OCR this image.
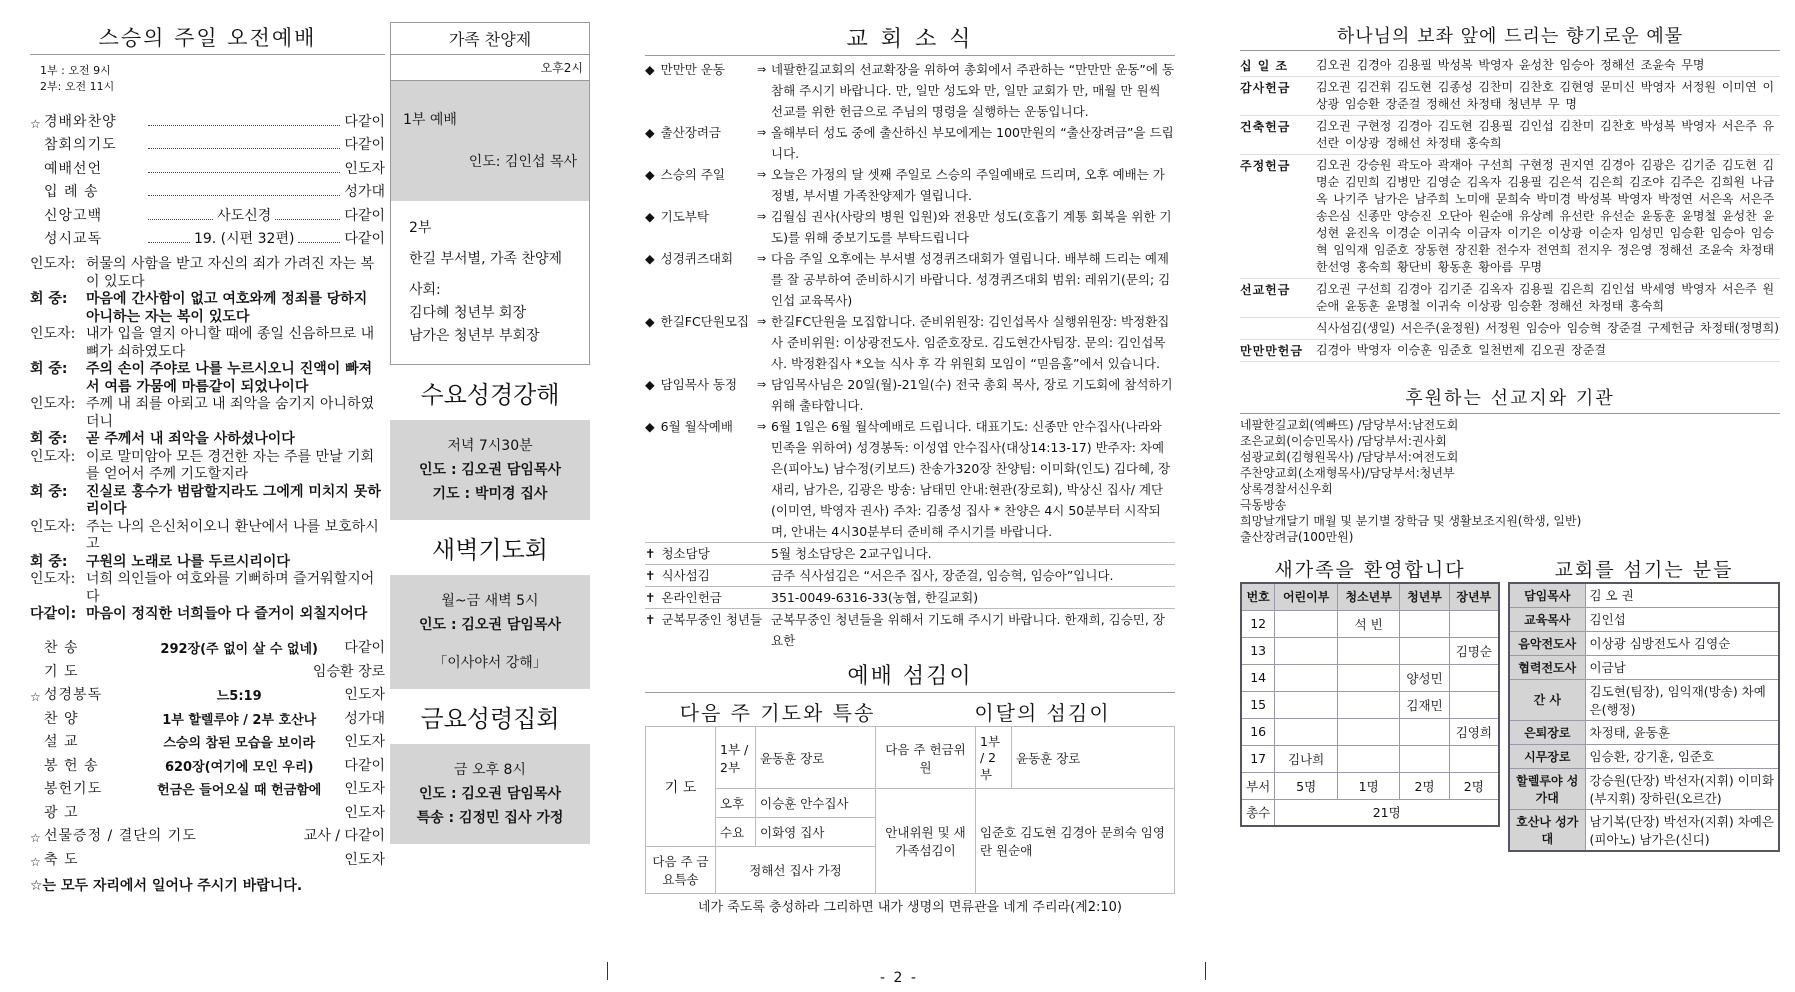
스승의 주일 오전예배
1부 : 오전 9시
2부: 오전 11시
☆ 경배와찬양	다같이
참회의기도	다같이
예배선언	인도자
입 례 송	성가대
신앙고백	사도신경	다같이
성시교독	19. (시편 32편)	다같이
인도자: 허물의 사함을 받고 자신의 죄가 가려진 자는 복이 있도다
회 중:	마음에 간사함이 없고 여호와께 정죄를 당하지 아니하는 자는 복이 있도다
인도자: 내가 입을 열지 아니할 때에 종일 신음하므로 내 뼈가 쇠하였도다
회 중:	주의 손이 주야로 나를 누르시오니 진액이 빠져서 여름 가뭄에 마름같이 되었나이다
인도자: 주께 내 죄를 아뢰고 내 죄악을 숨기지 아니하였더니
회 중:	곧 주께서 내 죄악을 사하셨나이다
인도자: 이로 말미암아 모든 경건한 자는 주를 만날 기회를 얻어서 주께 기도할지라
회 중:	진실로 홍수가 범람할지라도 그에게 미치지 못하리이다
인도자: 주는 나의 은신처이오니 환난에서 나를 보호하시고
회 중:	구원의 노래로 나를 두르시리이다
인도자: 너희 의인들아 여호와를 기뻐하며 즐거워할지어다
다같이: 마음이 정직한 너희들아 다 즐거이 외칠지어다
찬 송	292장(주 없이 살 수 없네)	다같이
기 도	임승환 장로
☆ 성경봉독	느5:19	인도자
찬 양	1부 할렐루야 / 2부 호산나	성가대
설 교	스승의 참된 모습을 보이라	인도자
봉 헌 송	620장(여기에 모인 우리)	다같이
봉헌기도	헌금은 들어오실 때 헌금함에	인도자
광 고	인도자
☆ 선물증정 / 결단의 기도	교사 / 다같이
☆ 축 도	인도자
☆는 모두 자리에서 일어나 주시기 바랍니다.
가족 찬양제
오후2시
1부 예배
인도: 김인섭 목사
2부
한길 부서별, 가족 찬양제
사회:
김다혜 청년부 회장
남가은 청년부 부회장
수요성경강해
저녁 7시30분
인도 : 김오권 담임목사
기도 : 박미경 집사
새벽기도회
월~금 새벽 5시
인도 : 김오권 담임목사
「이사야서 강해」
금요성령집회
금 오후 8시
인도 : 김오권 담임목사
특송 : 김정민 집사 가정
교 회 소 식
◆ 만만만 운동	⇒ 네팔한길교회의 선교확장을 위하여 총회에서 주관하는 “만만만 운동”에 동참해 주시기 바랍니다. 만, 일만 성도와 만, 일만 교회가 만, 매월 만 원씩 선교를 위한 헌금으로 주님의 명령을 실행하는 운동입니다.
◆ 출산장려금	⇒ 올해부터 성도 중에 출산하신 부모에게는 100만원의 “출산장려금”을 드립니다.
◆ 스승의 주일	⇒ 오늘은 가정의 달 셋째 주일로 스승의 주일예배로 드리며, 오후 예배는 가정별, 부서별 가족찬양제가 열립니다.
◆ 기도부탁	⇒ 김월심 권사(사랑의 병원 입원)와 전용만 성도(호흡기 계통 회복을 위한 기도)를 위해 중보기도를 부탁드립니다
◆ 성경퀴즈대회	⇒ 다음 주일 오후에는 부서별 성경퀴즈대회가 열립니다. 배부해 드리는 예제를 잘 공부하여 준비하시기 바랍니다. 성경퀴즈대회 범위: 레위기(문의; 김인섭 교육목사)
◆ 한길FC단원모집 ⇒ 한길FC단원을 모집합니다. 준비위원장: 김인섭목사 실행위원장: 박정환집사 준비위원: 이상광전도사. 임준호장로. 김도현간사팀장. 문의: 김인섭목사. 박정환집사 *오늘 식사 후 각 위원회 모임이 “믿음홀”에서 있습니다.
◆ 담임목사 동정	⇒ 담임목사님은 20일(월)-21일(수) 전국 총회 목사, 장로 기도회에 참석하기 위해 출타합니다.
◆ 6월 월삭예배	⇒ 6월 1일은 6월 월삭예배로 드립니다. 대표기도: 신종만 안수집사(나라와 민족을 위하여) 성경봉독: 이성엽 안수집사(대상14:13-17) 반주자: 차예은(피아노) 남수정(키보드) 찬송가320장 찬양팀: 이미화(인도) 김다혜, 장새리, 남가은, 김광은 방송: 남태민 안내:현관(장로회), 박상신 집사/ 계단(이미연, 박영자 권사) 주차: 김종성 집사 * 찬양은 4시 50분부터 시작되며, 안내는 4시30분부터 준비해 주시기를 바랍니다.
✝ 청소담당	5월 청소담당은 2교구입니다.
✝ 식사섬김	금주 식사섬김은 “서은주 집사, 장준걸, 임승혁, 임승아”입니다.
✝ 온라인헌금	351-0049-6316-33(농협, 한길교회)
✝ 군복무중인 청년들 군복무중인 청년들을 위해서 기도해 주시기 바랍니다. 한재희, 김승민, 장요한
예배 섬김이
다음 주 기도와 특송	이달의 섬김이
기 도	1부 / 2부	윤동훈 장로	다음 주 헌금위원	1부 / 2부	윤동훈 장로
	오후	이승훈 안수집사	안내위원 및 새가족섬김이	임준호 김도현 김경아 문희숙 임영란 원순애	
	수요	이화영 집사			
다음 주 금요특송	정해선 집사 가정				
네가 죽도록 충성하라 그리하면 내가 생명의 면류관을 네게 주리라(계2:10)
하나님의 보좌 앞에 드리는 향기로운 예물
십 일 조	김오권 김경아 김용필 박성복 박영자 윤성찬 임승아 정해선 조윤숙 무명
감사헌금	김오권 김건휘 김도현 김종성 김찬미 김찬호 김현영 문미신 박영자 서정원 이미연 이상광 임승환 장준걸 정해선 차정태 청년부 무 명
건축헌금	김오권 구현정 김경아 김도현 김용필 김인섭 김찬미 김찬호 박성복 박영자 서은주 유선란 이상광 정해선 차정태 홍숙희
주정헌금	김오권 강승원 곽도아 곽재아 구선희 구현정 권지연 김경아 김광은 김기준 김도현 김명순 김민희 김병만 김영순 김옥자 김용필 김은석 김은희 김조야 김주은 김희원 나금옥 나기주 남가은 남주희 노미애 문희숙 박미경 박성복 박영자 박정연 서은옥 서은주 송은심 신종만 양승진 오단아 원순애 유상례 유선란 유선순 윤동훈 윤명철 윤성찬 윤성현 윤진옥 이경순 이귀숙 이금자 이기은 이상광 이순자 임성민 임승환 임승아 임승혁 임익재 임준호 장동현 장진환 전수자 전연희 전지우 정은영 정해선 조윤숙 차정태 한선영 홍숙희 황단비 황동훈 황아름 무명
선교헌금	김오권 구선희 김경아 김기준 김옥자 김용필 김은희 김인섭 박세영 박영자 서은주 원순애 윤동훈 윤명철 이귀숙 이상광 임승환 정해선 차정태 홍숙희
식사섬김(생일) 서은주(윤정원) 서정원 임승아 임승혁 장준걸 구제헌금 차정태(정명희)
만만만헌금	김경아 박영자 이승훈 임준호 일천번제 김오권 장준걸
후원하는 선교지와 기관
네팔한길교회(엑빠뜨) /담당부서:남전도회
조은교회(이승민목사) /담당부서:권사회
섬광교회(김형원목사) /담당부서:여전도회
주찬양교회(소재형목사)/담당부서:청년부
상록경찰서신우회
극동방송
희망날개달기 매월 및 분기별 장학금 및 생활보조지원(학생, 일반)
출산장려금(100만원)
새가족을 환영합니다
번호	어린이부	청소년부	청년부	장년부
12		석 빈		
13				김명순
14			양성민	
15			김재민	
16				김영희
17	김나희			
부서	5명	1명	2명	2명
총수	21명			
교회를 섬기는 분들
담임목사	김 오 권
교육목사	김인섭
음악전도사	이상광 심방전도사 김영순
협력전도사	이금남
간 사	김도현(팀장), 임익재(방송) 차예은(행정)
은퇴장로	차정태, 윤동훈
시무장로	임승환, 강기훈, 임준호
할렐루야 성가대	강승원(단장) 박선자(지휘) 이미화(부지휘) 장하린(오르간)
호산나 성가대	남기복(단장) 박선자(지휘) 차예은(피아노) 남가은(신디)
- 2 -
